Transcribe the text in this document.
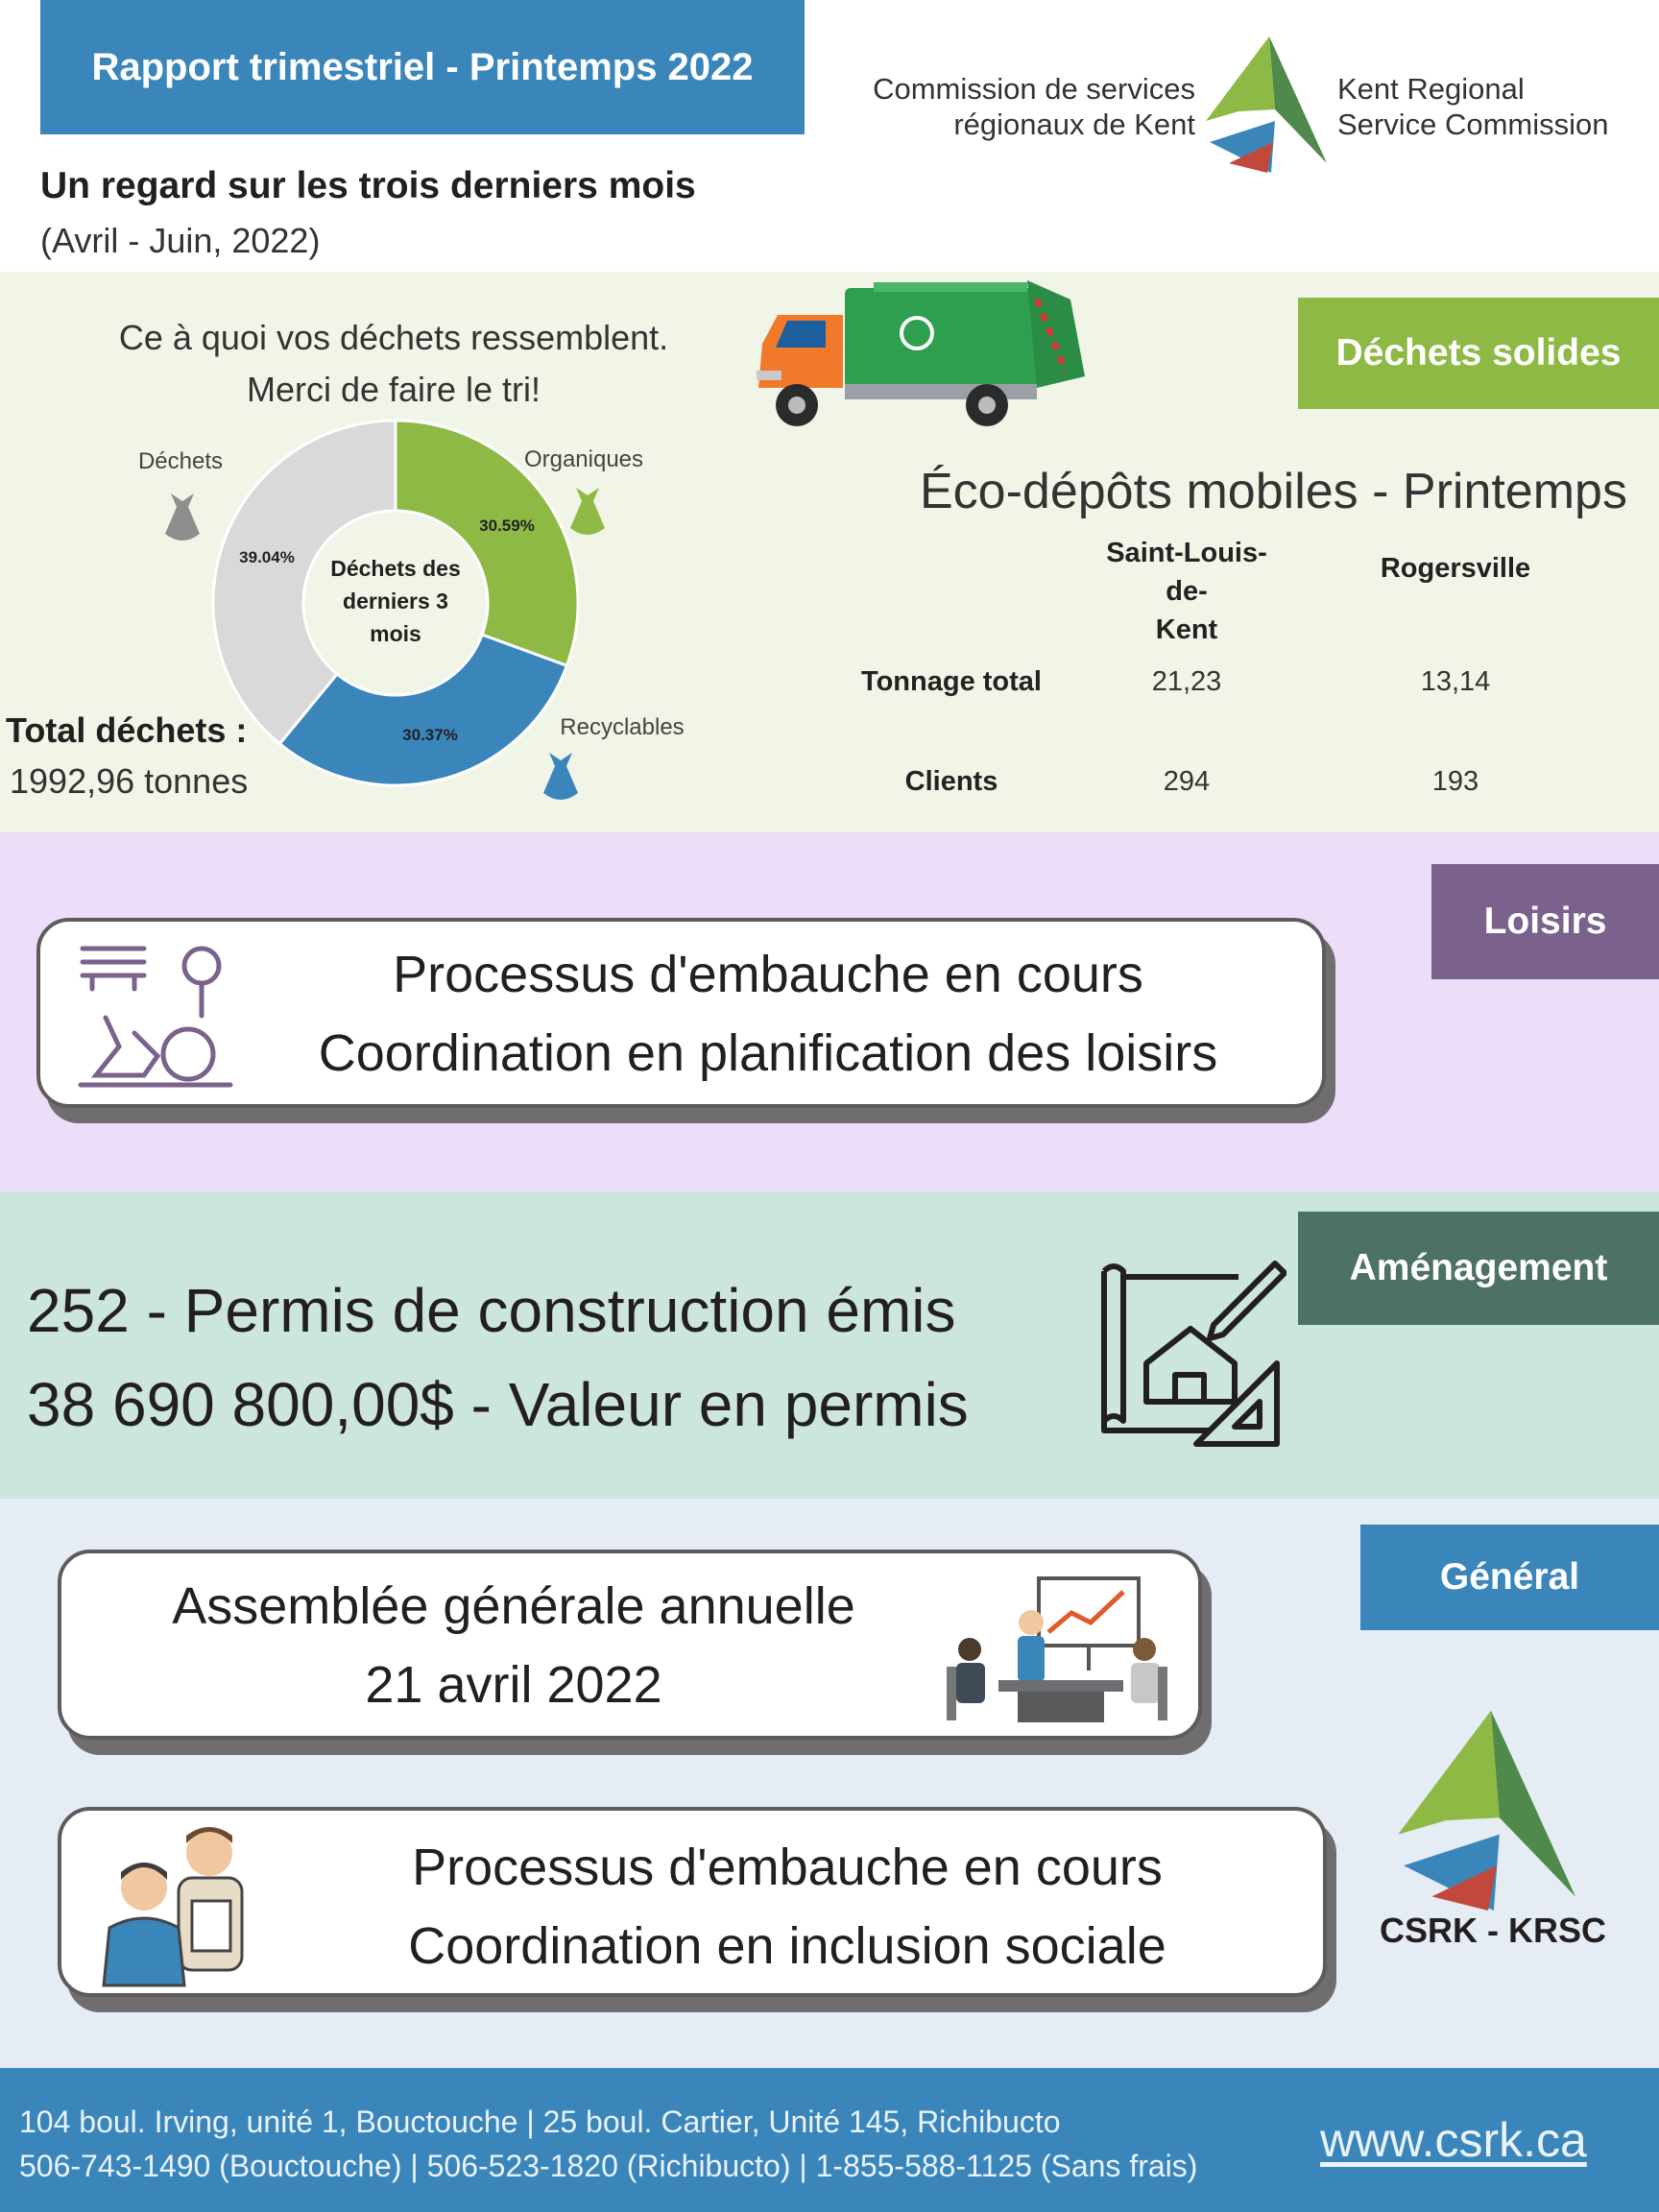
Rapport trimestriel - Printemps 2022
Un regard sur les trois derniers mois
(Avril - Juin, 2022)
Commission de services
régionaux de Kent
Kent Regional
Service Commission
Déchets solides
Ce à quoi vos déchets ressemblent.
Merci de faire le tri!
30.59%
30.37%
39.04% Déchets des
derniers 3
mois
Déchets	Organiques
Recyclables
Total déchets :
1992,96 tonnes
Éco-dépôts mobiles - Printemps
Saint-Louis-de-
Kent
Rogersville
Tonnage total	21,23	13,14
Clients	294	193
Loisirs
Processus d'embauche en cours
Coordination en planification des loisirs
Aménagement
252 - Permis de construction émis
38 690 800,00$ - Valeur en permis
Général
Assemblée générale annuelle
21 avril 2022
Processus d'embauche en cours
Coordination en inclusion sociale	CSRK - KRSC
104 boul. Irving, unité 1, Bouctouche | 25 boul. Cartier, Unité 145, Richibucto
506-743-1490 (Bouctouche) | 506-523-1820 (Richibucto) | 1-855-588-1125 (Sans frais)	www.csrk.ca
